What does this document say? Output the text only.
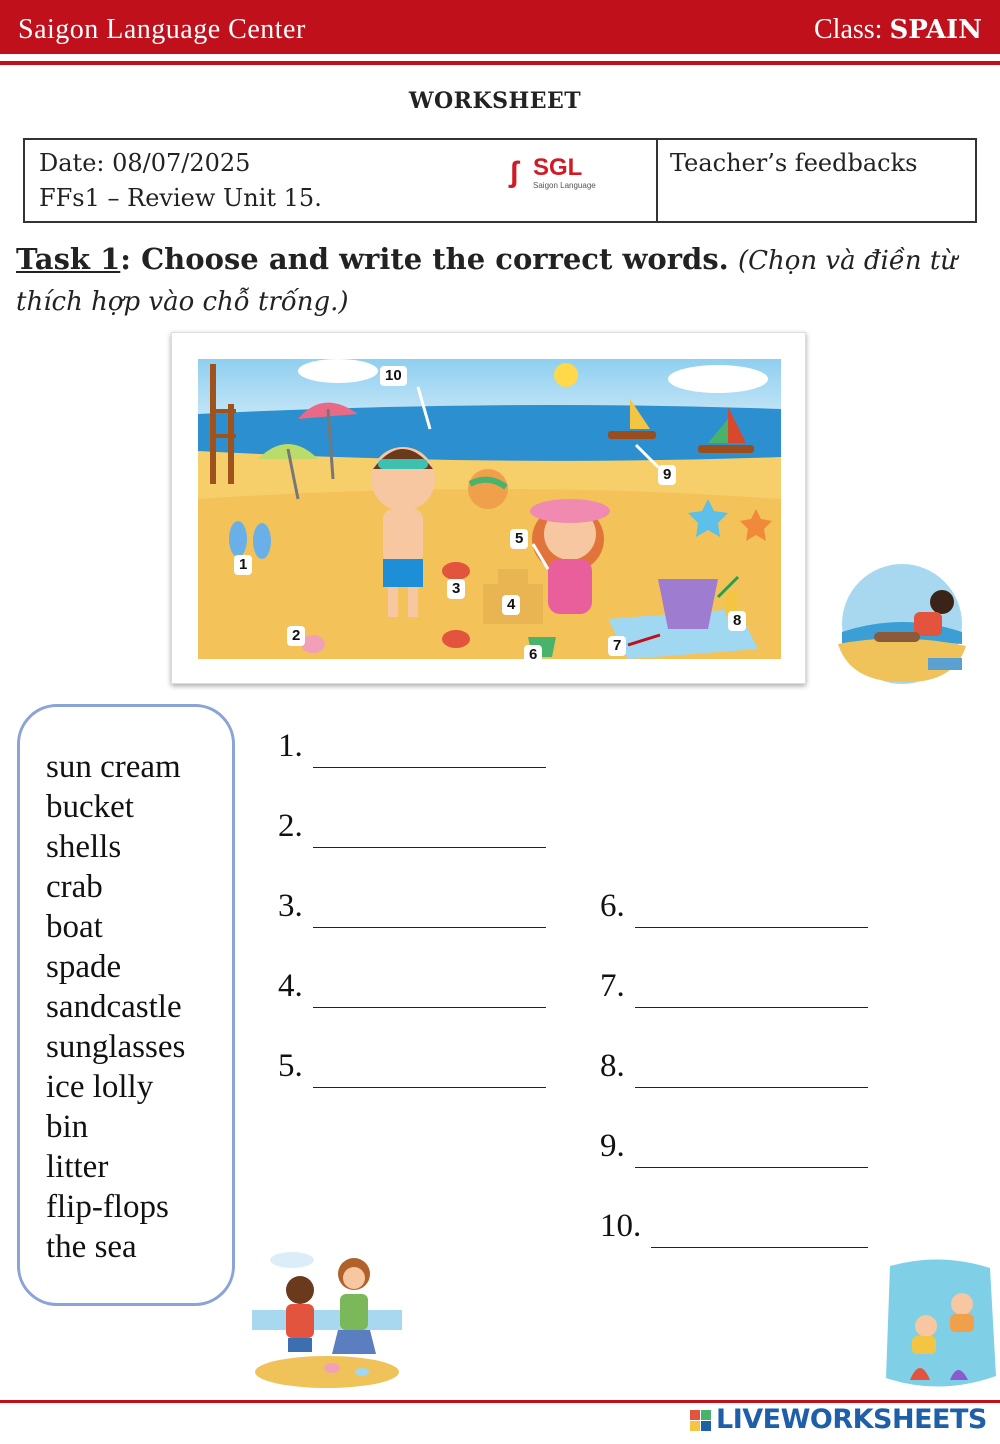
Saigon Language Center	Class: SPAIN
WORKSHEET
Date: 08/07/2025
FFs1 – Review Unit 15.
ʃ SGL
Saigon Language
Teacher’s feedbacks
Task 1: Choose and write the correct words. (Chọn và điền từ thích hợp vào chỗ trống.)
1
2
3
4
5
6
7
8
9
10
sun cream
bucket
shells
crab
boat
spade
sandcastle
sunglasses
ice lolly
bin
litter
flip-flops
the sea
1.
2.
3.
4.
5.
6.
7.
8.
9.
10.
LIVEWORKSHEETS
